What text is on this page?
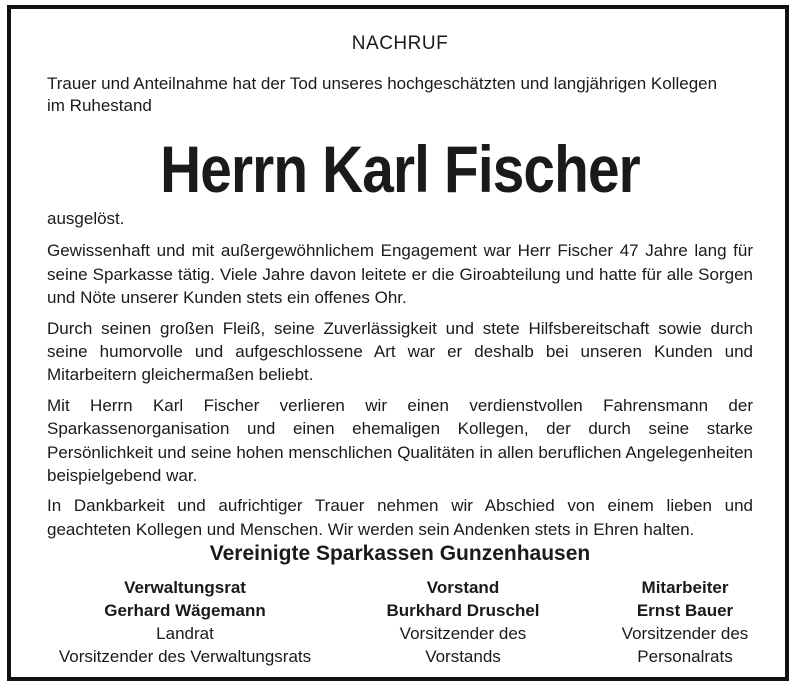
NACHRUF
Trauer und Anteilnahme hat der Tod unseres hochgeschätzten und langjährigen Kollegen
im Ruhestand
Herrn Karl Fischer

ausgelöst.

Gewissenhaft und mit außergewöhnlichem Engagement war Herr Fischer 47 Jahre lang für seine Sparkasse tätig. Viele Jahre davon leitete er die Giroabteilung und hatte für alle Sorgen und Nöte unserer Kunden stets ein offenes Ohr.

Durch seinen großen Fleiß, seine Zuverlässigkeit und stete Hilfsbereitschaft sowie durch seine humorvolle und aufgeschlossene Art war er deshalb bei unseren Kunden und Mitarbeitern gleichermaßen beliebt.

Mit Herrn Karl Fischer verlieren wir einen verdienstvollen Fahrensmann der Sparkassenorganisation und einen ehemaligen Kollegen, der durch seine starke Persönlichkeit und seine hohen menschlichen Qualitäten in allen beruflichen Angelegenheiten beispielgebend war.

In Dankbarkeit und aufrichtiger Trauer nehmen wir Abschied von einem lieben und geachteten Kollegen und Menschen. Wir werden sein Andenken stets in Ehren halten.

Vereinigte Sparkassen Gunzenhausen
Verwaltungsrat
Gerhard Wägemann
Landrat
Vorsitzender des Verwaltungsrats
Vorstand
Burkhard Druschel
Vorsitzender des
Vorstands
Mitarbeiter
Ernst Bauer
Vorsitzender des
Personalrats
